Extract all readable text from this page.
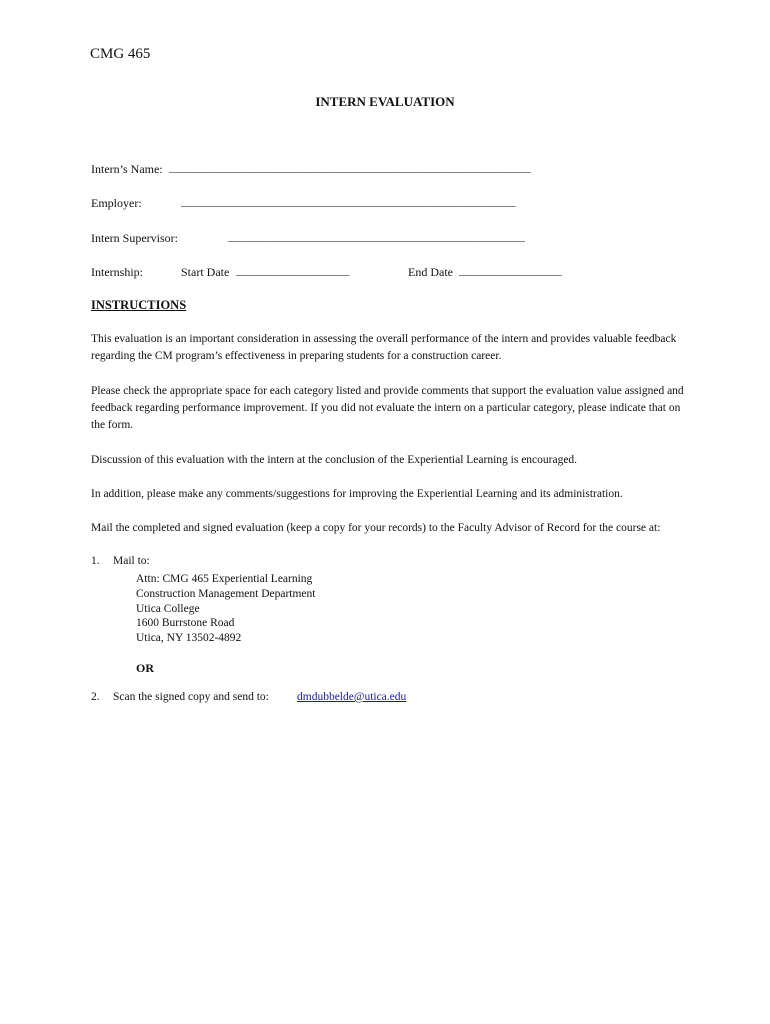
CMG 465
INTERN EVALUATION
Intern’s Name: ___________________________________________________________________
Employer:	______________________________________________________________
Intern Supervisor:	_______________________________________________________
Internship:	Start Date _____________________	End Date ___________________
INSTRUCTIONS
This evaluation is an important consideration in assessing the overall performance of the intern and provides valuable feedback regarding the CM program’s effectiveness in preparing students for a construction career.
Please check the appropriate space for each category listed and provide comments that support the evaluation value assigned and feedback regarding performance improvement. If you did not evaluate the intern on a particular category, please indicate that on the form.
Discussion of this evaluation with the intern at the conclusion of the Experiential Learning is encouraged.
In addition, please make any comments/suggestions for improving the Experiential Learning and its administration.
Mail the completed and signed evaluation (keep a copy for your records) to the Faculty Advisor of Record for the course at:
1. Mail to:
Attn: CMG 465 Experiential Learning
Construction Management Department
Utica College
1600 Burrstone Road
Utica, NY 13502-4892
OR
2. Scan the signed copy and send to: dmdubbelde@utica.edu
